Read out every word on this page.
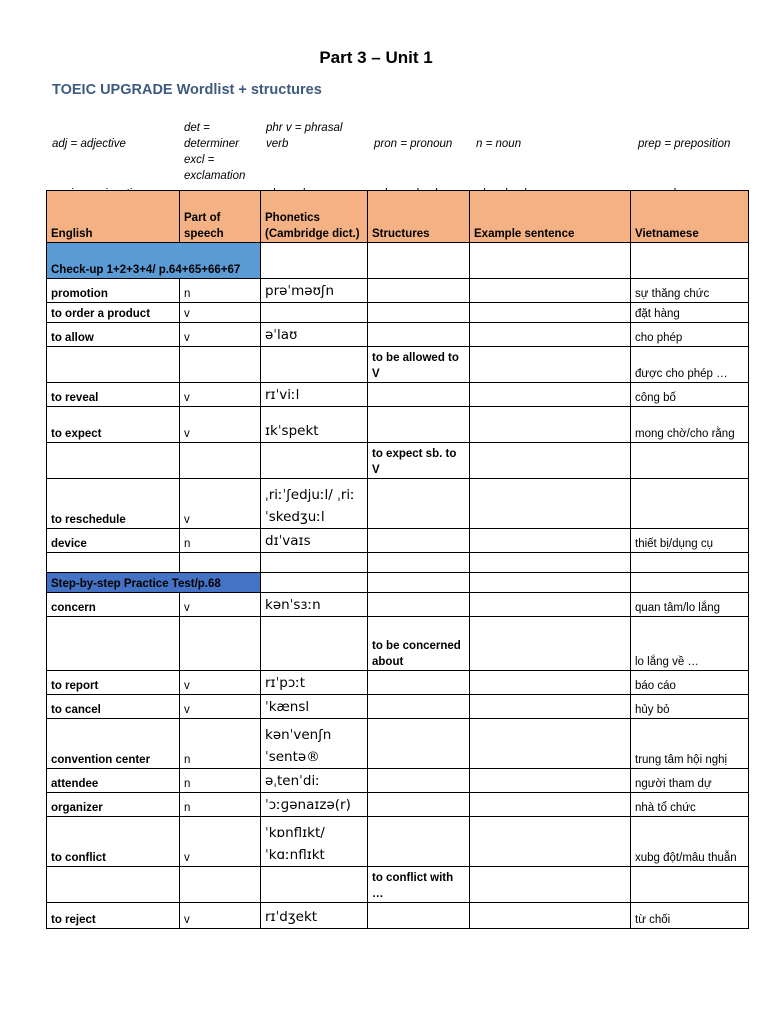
Part 3 – Unit 1
TOEIC UPGRADE Wordlist + structures
adj = adjective	det = determiner	phr v = phrasal verb	pron = pronoun	n = noun	prep = preposition
	excl = exclamation				

English	Part of speech	Phonetics (Cambridge dict.)	Structures	Example sentence	Vietnamese
Check-up 1+2+3+4/ p.64+65+66+67					
promotion	n	prəˈməʊʃn			sự thăng chức
to order a product	v				đặt hàng
to allow	v	əˈlaʊ			cho phép
			to be allowed to V		được cho phép …
to reveal	v	rɪˈviːl			công bố
to expect	v	ɪkˈspekt			mong chờ/cho rằng
			to expect sb. to V		
to reschedule	v	ˌriːˈʃedjuːl/ ˌriːˈskedʒuːl			
device	n	dɪˈvaɪs			thiết bị/dụng cụ

Step-by-step Practice Test/p.68					
concern	v	kənˈsɜːn			quan tâm/lo lắng
			to be concerned about		lo lắng về …
to report	v	rɪˈpɔːt			báo cáo
to cancel	v	ˈkænsl			hủy bỏ
convention center	n	kənˈvenʃn ˈsentə®			trung tâm hội nghị
attendee	n	əˌtenˈdiː			người tham dự
organizer	n	ˈɔːɡənaɪzə(r)			nhà tổ chức
to conflict	v	ˈkɒnflɪkt/ ˈkɑːnflɪkt			xubg đột/mâu thuẫn
			to conflict with …		
to reject	v	rɪˈdʒekt			từ chối
